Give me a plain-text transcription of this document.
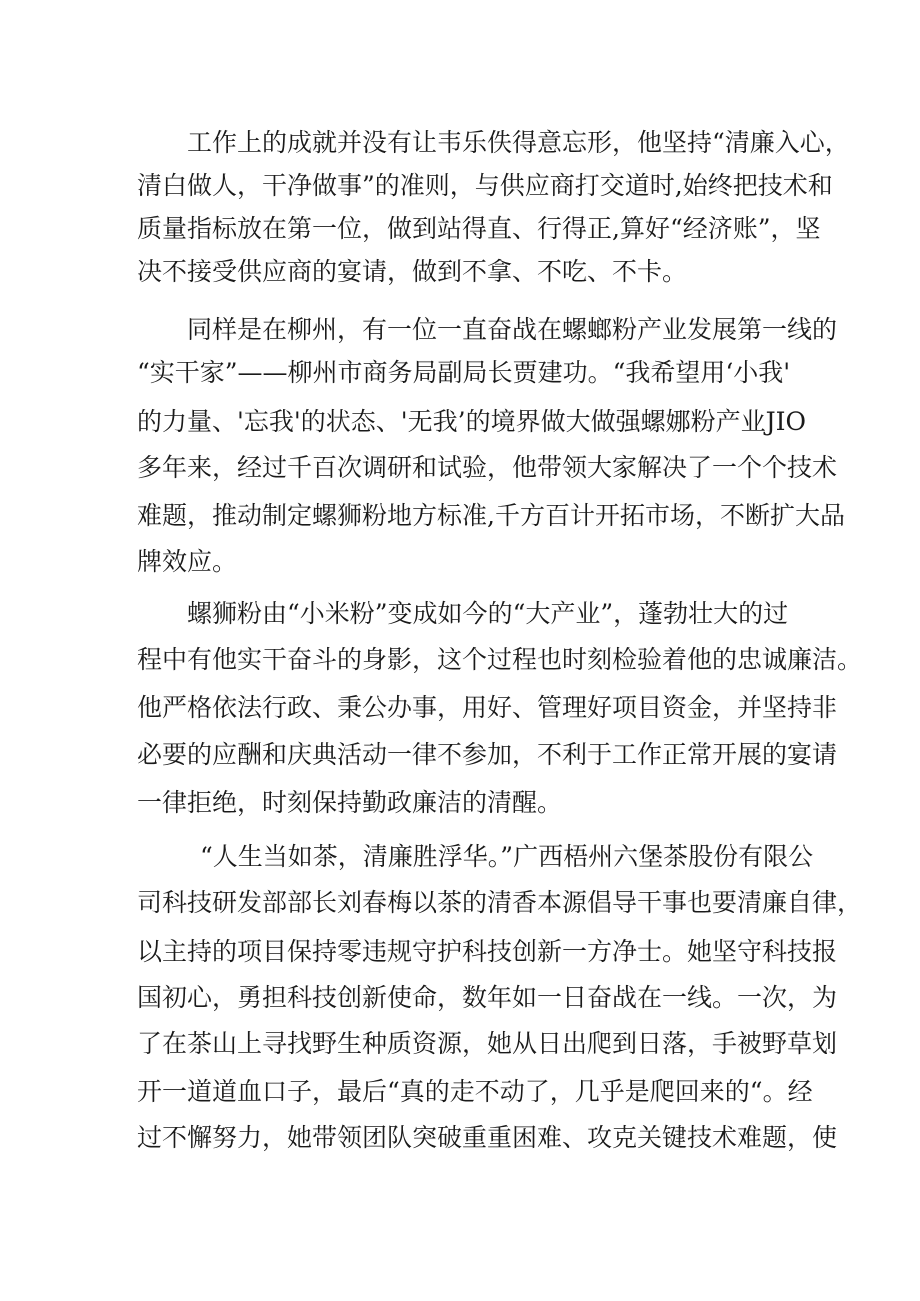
工作上的成就并没有让韦乐佚得意忘形，他坚持“清廉入心，
清白做人，干净做事”的准则，与供应商打交道时,始终把技术和
质量指标放在第一位，做到站得直、行得正,算好“经济账”，坚
决不接受供应商的宴请，做到不拿、不吃、不卡。
同样是在柳州，有一位一直奋战在螺螂粉产业发展第一线的
“实干家”——柳州市商务局副局长贾建功。“我希望用‘小我'
的力量、'忘我'的状态、'无我’的境界做大做强螺娜粉产业JIO
多年来，经过千百次调研和试验，他带领大家解决了一个个技术
难题，推动制定螺狮粉地方标准,千方百计开拓市场，不断扩大品
牌效应。
螺狮粉由“小米粉”变成如今的“大产业”，蓬勃壮大的过
程中有他实干奋斗的身影，这个过程也时刻检验着他的忠诚廉洁。
他严格依法行政、秉公办事，用好、管理好项目资金，并坚持非
必要的应酬和庆典活动一律不参加，不利于工作正常开展的宴请
一律拒绝，时刻保持勤政廉洁的清醒。
“人生当如茶，清廉胜浮华。”广西梧州六堡茶股份有限公
司科技研发部部长刘春梅以茶的清香本源倡导干事也要清廉自律，
以主持的项目保持零违规守护科技创新一方净士。她坚守科技报
国初心，勇担科技创新使命，数年如一日奋战在一线。一次，为
了在茶山上寻找野生种质资源，她从日出爬到日落，手被野草划
开一道道血口子，最后“真的走不动了，几乎是爬回来的“。经
过不懈努力，她带领团队突破重重困难、攻克关键技术难题，使
